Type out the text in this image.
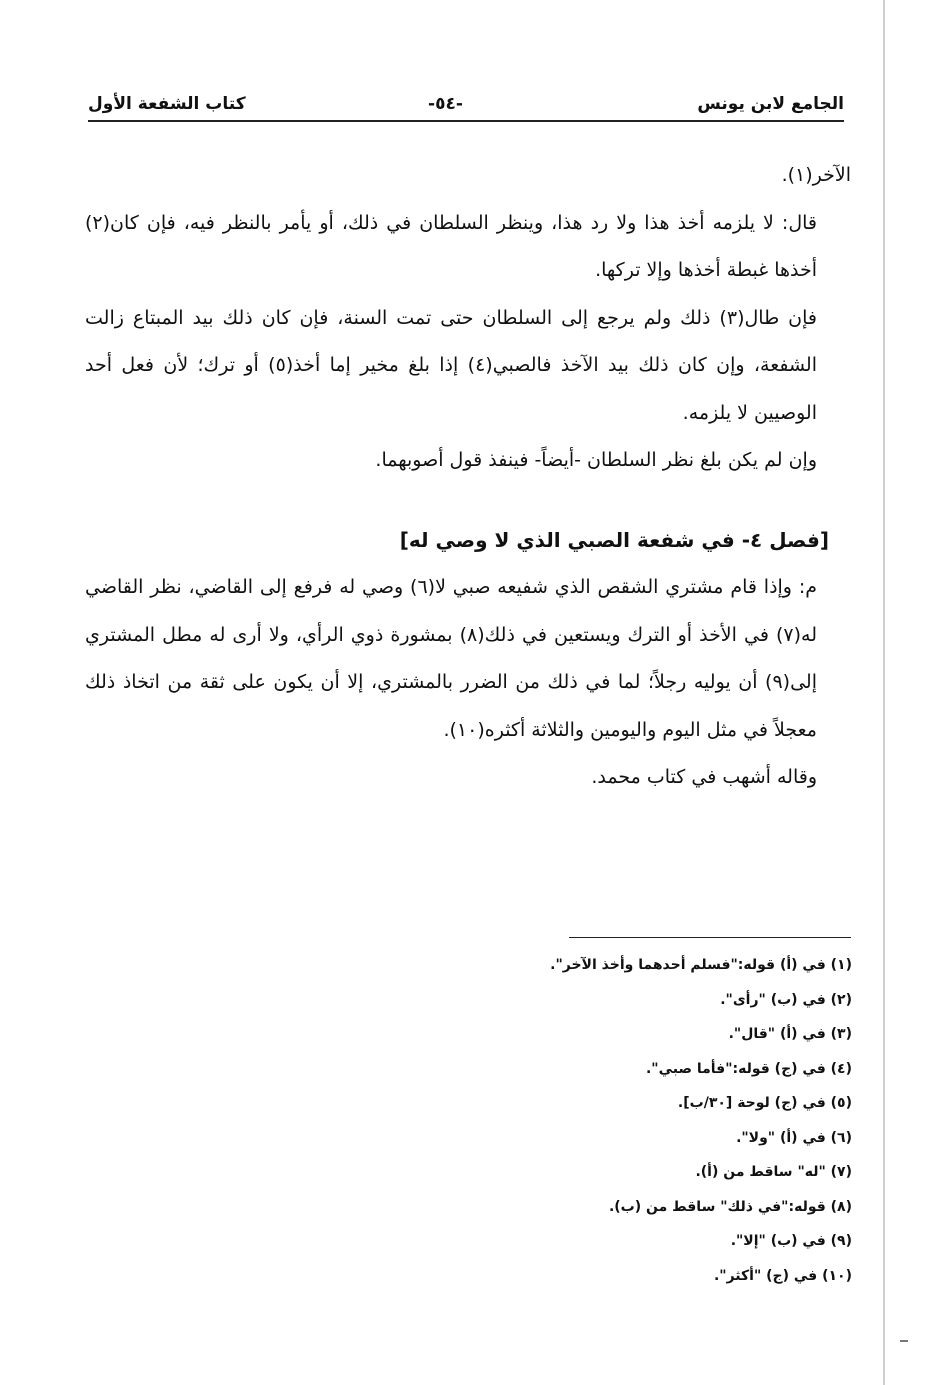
الجامع لابن يونس
-٥٤-
كتاب الشفعة الأول

الآخر(١).

قال: لا يلزمه أخذ هذا ولا رد هذا، وينظر السلطان في ذلك، أو يأمر بالنظر فيه، فإن كان(٢) أخذها غبطة أخذها وإلا تركها.

فإن طال(٣) ذلك ولم يرجع إلى السلطان حتى تمت السنة، فإن كان ذلك بيد المبتاع زالت الشفعة، وإن كان ذلك بيد الآخذ فالصبي(٤) إذا بلغ مخير إما أخذ(٥) أو ترك؛ لأن فعل أحد الوصيين لا يلزمه.

وإن لم يكن بلغ نظر السلطان -أيضاً- فينفذ قول أصوبهما.

[فصل ٤- في شفعة الصبي الذي لا وصي له]

م: وإذا قام مشتري الشقص الذي شفيعه صبي لا(٦) وصي له فرفع إلى القاضي، نظر القاضي له(٧) في الأخذ أو الترك ويستعين في ذلك(٨) بمشورة ذوي الرأي، ولا أرى له مطل المشتري إلى(٩) أن يوليه رجلاً؛ لما في ذلك من الضرر بالمشتري، إلا أن يكون على ثقة من اتخاذ ذلك معجلاً في مثل اليوم واليومين والثلاثة أكثره(١٠).

وقاله أشهب في كتاب محمد.

(١) في (أ) قوله:"فسلم أحدهما وأخذ الآخر".
(٢) في (ب) "رأى".
(٣) في (أ) "قال".
(٤) في (ج) قوله:"فأما صبي".
(٥) في (ج) لوحة [٣٠/ب].
(٦) في (أ) "ولا".
(٧) "له" ساقط من (أ).
(٨) قوله:"في ذلك" ساقط من (ب).
(٩) في (ب) "إلا".
(١٠) في (ج) "أكثر".
